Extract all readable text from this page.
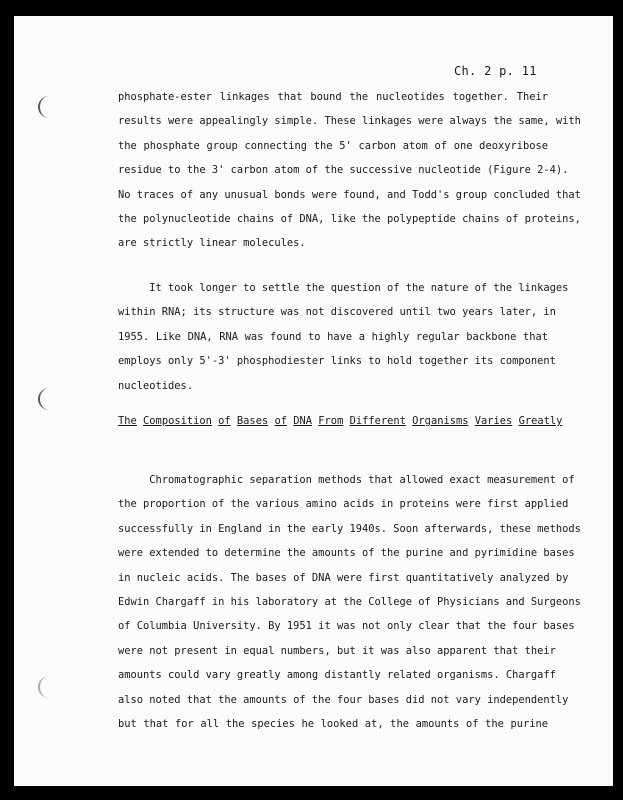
Ch. 2 p. 11
phosphate-ester linkages that bound the nucleotides together. Their
results were appealingly simple. These linkages were always the same, with
the phosphate group connecting the 5' carbon atom of one deoxyribose
residue to the 3' carbon atom of the successive nucleotide (Figure 2-4).
No traces of any unusual bonds were found, and Todd's group concluded that
the polynucleotide chains of DNA, like the polypeptide chains of proteins,
are strictly linear molecules.
It took longer to settle the question of the nature of the linkages
within RNA; its structure was not discovered until two years later, in
1955. Like DNA, RNA was found to have a highly regular backbone that
employs only 5'-3' phosphodiester links to hold together its component
nucleotides.
The Composition of Bases of DNA From Different Organisms Varies Greatly
Chromatographic separation methods that allowed exact measurement of
the proportion of the various amino acids in proteins were first applied
successfully in England in the early 1940s. Soon afterwards, these methods
were extended to determine the amounts of the purine and pyrimidine bases
in nucleic acids. The bases of DNA were first quantitatively analyzed by
Edwin Chargaff in his laboratory at the College of Physicians and Surgeons
of Columbia University. By 1951 it was not only clear that the four bases
were not present in equal numbers, but it was also apparent that their
amounts could vary greatly among distantly related organisms. Chargaff
also noted that the amounts of the four bases did not vary independently
but that for all the species he looked at, the amounts of the purine
